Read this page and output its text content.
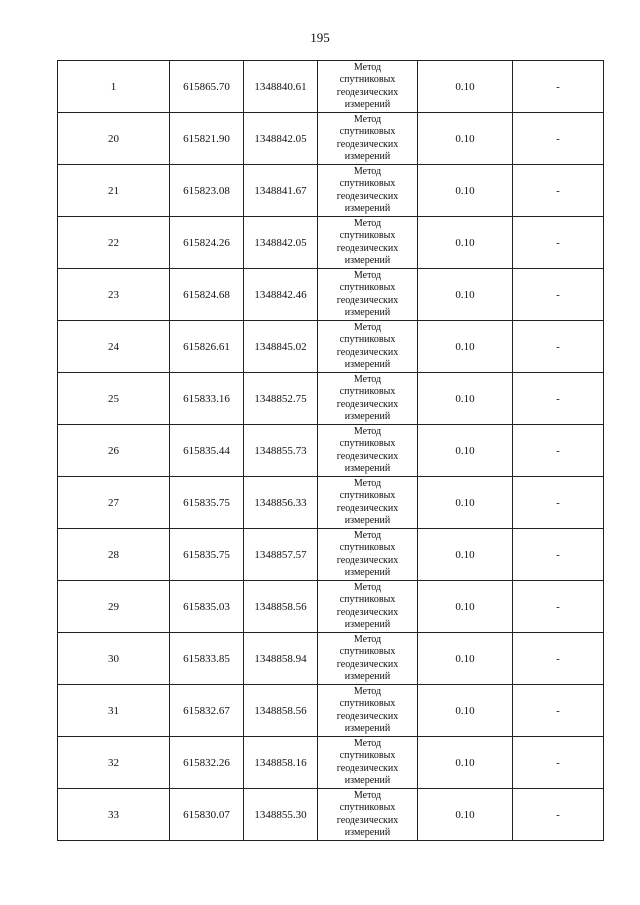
195
1	615865.70	1348840.61	Метод
спутниковых
геодезических
измерений	0.10	-
20	615821.90	1348842.05	Метод
спутниковых
геодезических
измерений	0.10	-
21	615823.08	1348841.67	Метод
спутниковых
геодезических
измерений	0.10	-
22	615824.26	1348842.05	Метод
спутниковых
геодезических
измерений	0.10	-
23	615824.68	1348842.46	Метод
спутниковых
геодезических
измерений	0.10	-
24	615826.61	1348845.02	Метод
спутниковых
геодезических
измерений	0.10	-
25	615833.16	1348852.75	Метод
спутниковых
геодезических
измерений	0.10	-
26	615835.44	1348855.73	Метод
спутниковых
геодезических
измерений	0.10	-
27	615835.75	1348856.33	Метод
спутниковых
геодезических
измерений	0.10	-
28	615835.75	1348857.57	Метод
спутниковых
геодезических
измерений	0.10	-
29	615835.03	1348858.56	Метод
спутниковых
геодезических
измерений	0.10	-
30	615833.85	1348858.94	Метод
спутниковых
геодезических
измерений	0.10	-
31	615832.67	1348858.56	Метод
спутниковых
геодезических
измерений	0.10	-
32	615832.26	1348858.16	Метод
спутниковых
геодезических
измерений	0.10	-
33	615830.07	1348855.30	Метод
спутниковых
геодезических
измерений	0.10	-
